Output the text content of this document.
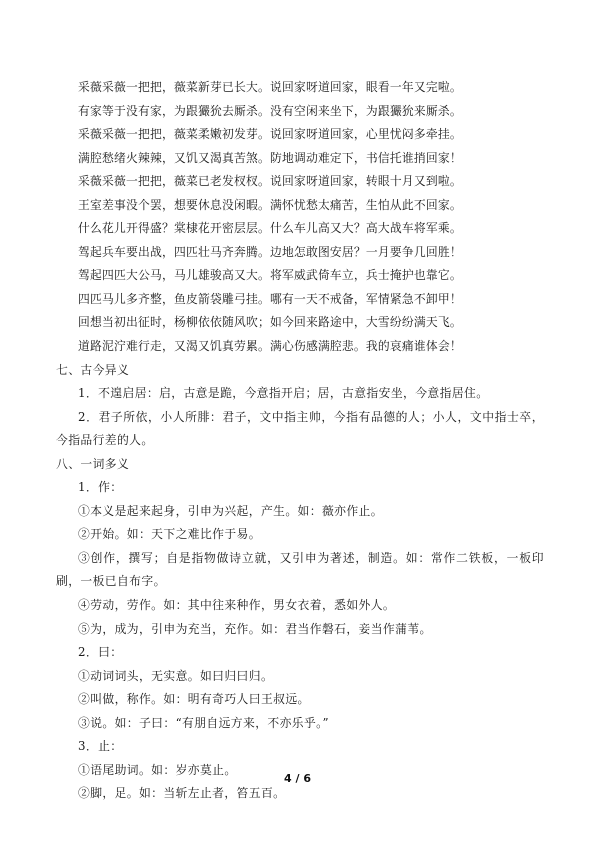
采薇采薇一把把，薇菜新芽已长大。说回家呀道回家，眼看一年又完啦。
有家等于没有家，为跟玁狁去厮杀。没有空闲来坐下，为跟玁狁来厮杀。
采薇采薇一把把，薇菜柔嫩初发芽。说回家呀道回家，心里忧闷多牵挂。
满腔愁绪火辣辣，又饥又渴真苦煞。防地调动难定下，书信托谁捎回家！
采薇采薇一把把，薇菜已老发杈杈。说回家呀道回家，转眼十月又到啦。
王室差事没个罢，想要休息没闲暇。满怀忧愁太痛苦，生怕从此不回家。
什么花儿开得盛？棠棣花开密层层。什么车儿高又大？高大战车将军乘。
驾起兵车要出战，四匹壮马齐奔腾。边地怎敢图安居？一月要争几回胜！
驾起四匹大公马，马儿雄骏高又大。将军威武倚车立，兵士掩护也靠它。
四匹马儿多齐整，鱼皮箭袋雕弓挂。哪有一天不戒备，军情紧急不卸甲！
回想当初出征时，杨柳依依随风吹；如今回来路途中，大雪纷纷满天飞。
道路泥泞难行走，又渴又饥真劳累。满心伤感满腔悲。我的哀痛谁体会！
七、古今异义
1．不遑启居：启，古意是跪，今意指开启；居，古意指安坐，今意指居住。
2．君子所依，小人所腓：君子，文中指主帅，今指有品德的人；小人，文中指士卒，今指品行差的人。
八、一词多义
1．作：
①本义是起来起身，引申为兴起，产生。如：薇亦作止。
②开始。如：天下之难比作于易。
③创作，撰写；自是指物做诗立就，又引申为著述，制造。如：常作二铁板，一板印刷，一板已自布字。
④劳动，劳作。如：其中往来种作，男女衣着，悉如外人。
⑤为，成为，引申为充当，充作。如：君当作磐石，妾当作蒲苇。
2．曰：
①动词词头，无实意。如曰归曰归。
②叫做，称作。如：明有奇巧人曰王叔远。
③说。如：子曰：“有朋自远方来，不亦乐乎。”
3．止：
①语尾助词。如：岁亦莫止。
②脚，足。如：当斩左止者，笞五百。
4 / 6
